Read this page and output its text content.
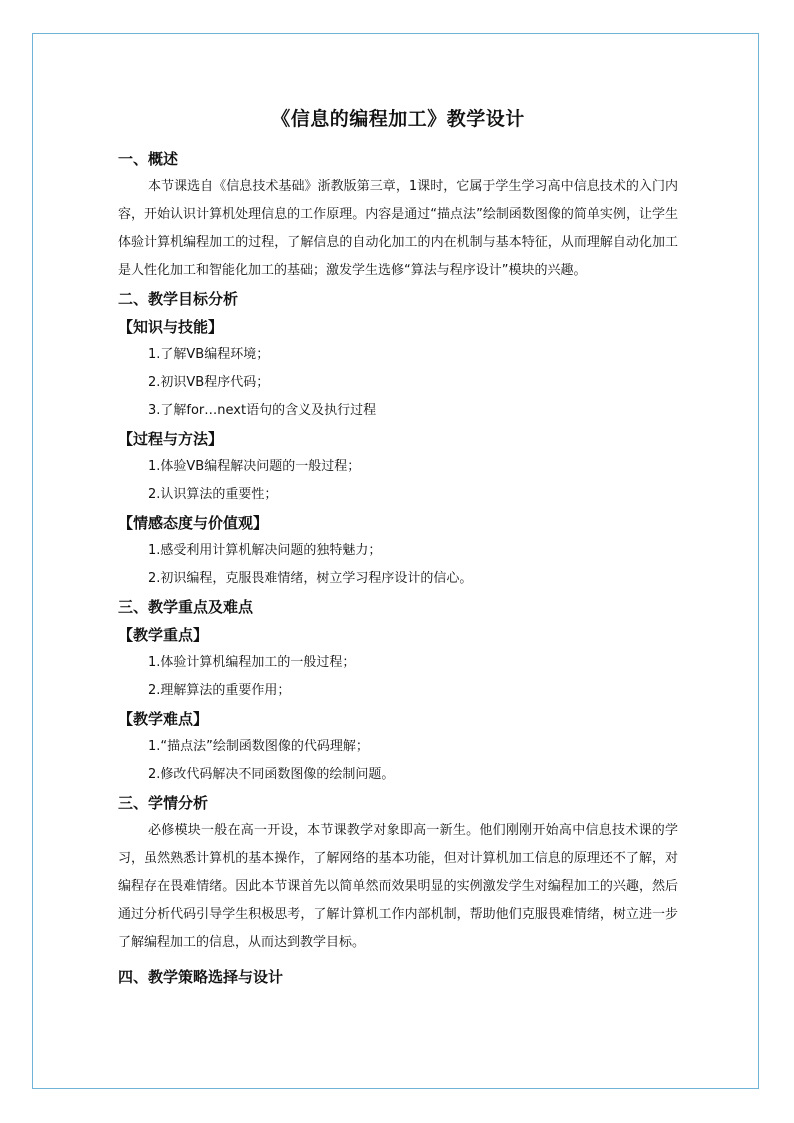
《信息的编程加工》教学设计
一、概述

本节课选自《信息技术基础》浙教版第三章，1课时，它属于学生学习高中信息技术的入门内容，开始认识计算机处理信息的工作原理。内容是通过“描点法”绘制函数图像的简单实例，让学生体验计算机编程加工的过程，了解信息的自动化加工的内在机制与基本特征，从而理解自动化加工是人性化加工和智能化加工的基础；激发学生选修“算法与程序设计”模块的兴趣。

二、教学目标分析
【知识与技能】
1.了解VB编程环境；
2.初识VB程序代码；
3.了解for…next语句的含义及执行过程
【过程与方法】
1.体验VB编程解决问题的一般过程；
2.认识算法的重要性；
【情感态度与价值观】
1.感受利用计算机解决问题的独特魅力；
2.初识编程，克服畏难情绪，树立学习程序设计的信心。
三、教学重点及难点
【教学重点】
1.体验计算机编程加工的一般过程；
2.理解算法的重要作用；
【教学难点】
1.“描点法”绘制函数图像的代码理解；
2.修改代码解决不同函数图像的绘制问题。
三、学情分析

必修模块一般在高一开设，本节课教学对象即高一新生。他们刚刚开始高中信息技术课的学习，虽然熟悉计算机的基本操作，了解网络的基本功能，但对计算机加工信息的原理还不了解，对编程存在畏难情绪。因此本节课首先以简单然而效果明显的实例激发学生对编程加工的兴趣，然后通过分析代码引导学生积极思考，了解计算机工作内部机制，帮助他们克服畏难情绪，树立进一步了解编程加工的信息，从而达到教学目标。

四、教学策略选择与设计
